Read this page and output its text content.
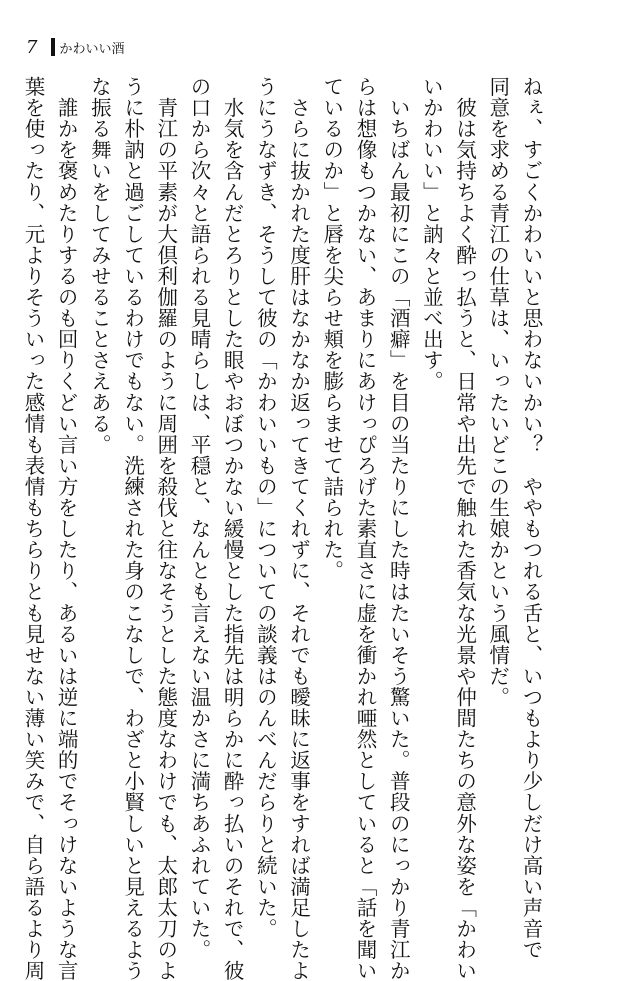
7 かわいい酒
ねぇ、すごくかわいいと思わないかい？　ややもつれる舌と、いつもより少しだけ高い声音で
同意を求める青江の仕草は、いったいどこの生娘かという風情だ。
　彼は気持ちよく酔っ払うと、日常や出先で触れた香気な光景や仲間たちの意外な姿を「かわい
いかわいい」と訥々と並べ出す。
　いちばん最初にこの「酒癖」を目の当たりにした時はたいそう驚いた。普段のにっかり青江か
らは想像もつかない、あまりにあけっぴろげた素直さに虚を衝かれ唖然としていると「話を聞い
ているのか」と唇を尖らせ頬を膨らませて詰られた。
　さらに抜かれた度肝はなかなか返ってきてくれずに、それでも曖昧に返事をすれば満足したよ
うにうなずき、そうして彼の「かわいいもの」についての談義はのんべんだらりと続いた。
　水気を含んだとろりとした眼やおぼつかない緩慢とした指先は明らかに酔っ払いのそれで、彼
の口から次々と語られる見晴らしは、平穏と、なんとも言えない温かさに満ちあふれていた。
　青江の平素が大倶利伽羅のように周囲を殺伐と往なそうとした態度なわけでも、太郎太刀のよ
うに朴訥と過ごしているわけでもない。洗練された身のこなしで、わざと小賢しいと見えるよう
な振る舞いをしてみせることさえある。
　誰かを褒めたりするのも回りくどい言い方をしたり、あるいは逆に端的でそっけないような言
葉を使ったり、元よりそういった感情も表情もちらりとも見せない薄い笑みで、自ら語るより周
